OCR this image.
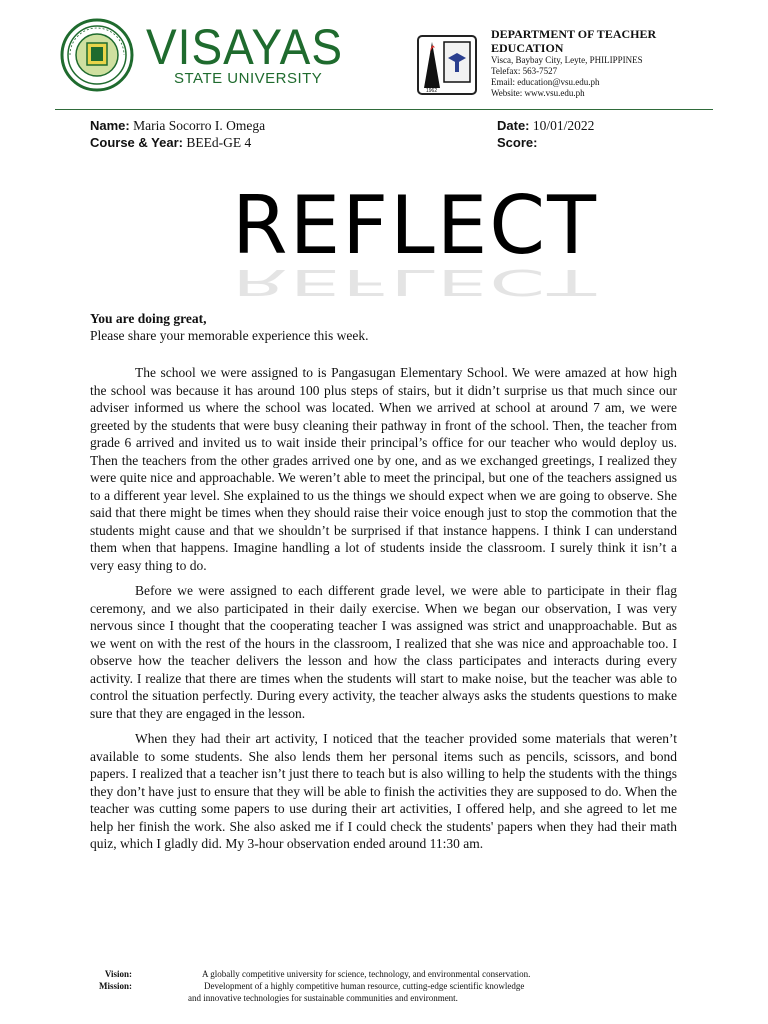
VISAYAS
STATE UNIVERSITY
1962
DEPARTMENT OF TEACHER
EDUCATION
Visca, Baybay City, Leyte, PHILIPPINES
Telefax: 563-7527
Email: education@vsu.edu.ph
Website: www.vsu.edu.ph
Name: Maria Socorro I. Omega
Course & Year: BEEd-GE 4
Date: 10/01/2022
Score:
REFLECT
REFLECT
You are doing great,
Please share your memorable experience this week.

The school we were assigned to is Pangasugan Elementary School. We were amazed at how high the school was because it has around 100 plus steps of stairs, but it didn’t surprise us that much since our adviser informed us where the school was located. When we arrived at school at around 7 am, we were greeted by the students that were busy cleaning their pathway in front of the school. Then, the teacher from grade 6 arrived and invited us to wait inside their principal’s office for our teacher who would deploy us. Then the teachers from the other grades arrived one by one, and as we exchanged greetings, I realized they were quite nice and approachable. We weren’t able to meet the principal, but one of the teachers assigned us to a different year level. She explained to us the things we should expect when we are going to observe. She said that there might be times when they should raise their voice enough just to stop the commotion that the students might cause and that we shouldn’t be surprised if that instance happens. I think I can understand them when that happens. Imagine handling a lot of students inside the classroom. I surely think it isn’t a very easy thing to do.

Before we were assigned to each different grade level, we were able to participate in their flag ceremony, and we also participated in their daily exercise. When we began our observation, I was very nervous since I thought that the cooperating teacher I was assigned was strict and unapproachable. But as we went on with the rest of the hours in the classroom, I realized that she was nice and approachable too. I observe how the teacher delivers the lesson and how the class participates and interacts during every activity. I realize that there are times when the students will start to make noise, but the teacher was able to control the situation perfectly. During every activity, the teacher always asks the students questions to make sure that they are engaged in the lesson.

When they had their art activity, I noticed that the teacher provided some materials that weren’t available to some students. She also lends them her personal items such as pencils, scissors, and bond papers. I realized that a teacher isn’t just there to teach but is also willing to help the students with the things they don’t have just to ensure that they will be able to finish the activities they are supposed to do. When the teacher was cutting some papers to use during their art activities, I offered help, and she agreed to let me help her finish the work. She also asked me if I could check the students' papers when they had their math quiz, which I gladly did. My 3-hour observation ended around 11:30 am.

Vision:	A globally competitive university for science, technology, and environmental conservation.
Mission:	Development of a highly competitive human resource, cutting-edge scientific knowledge
and innovative technologies for sustainable communities and environment.
